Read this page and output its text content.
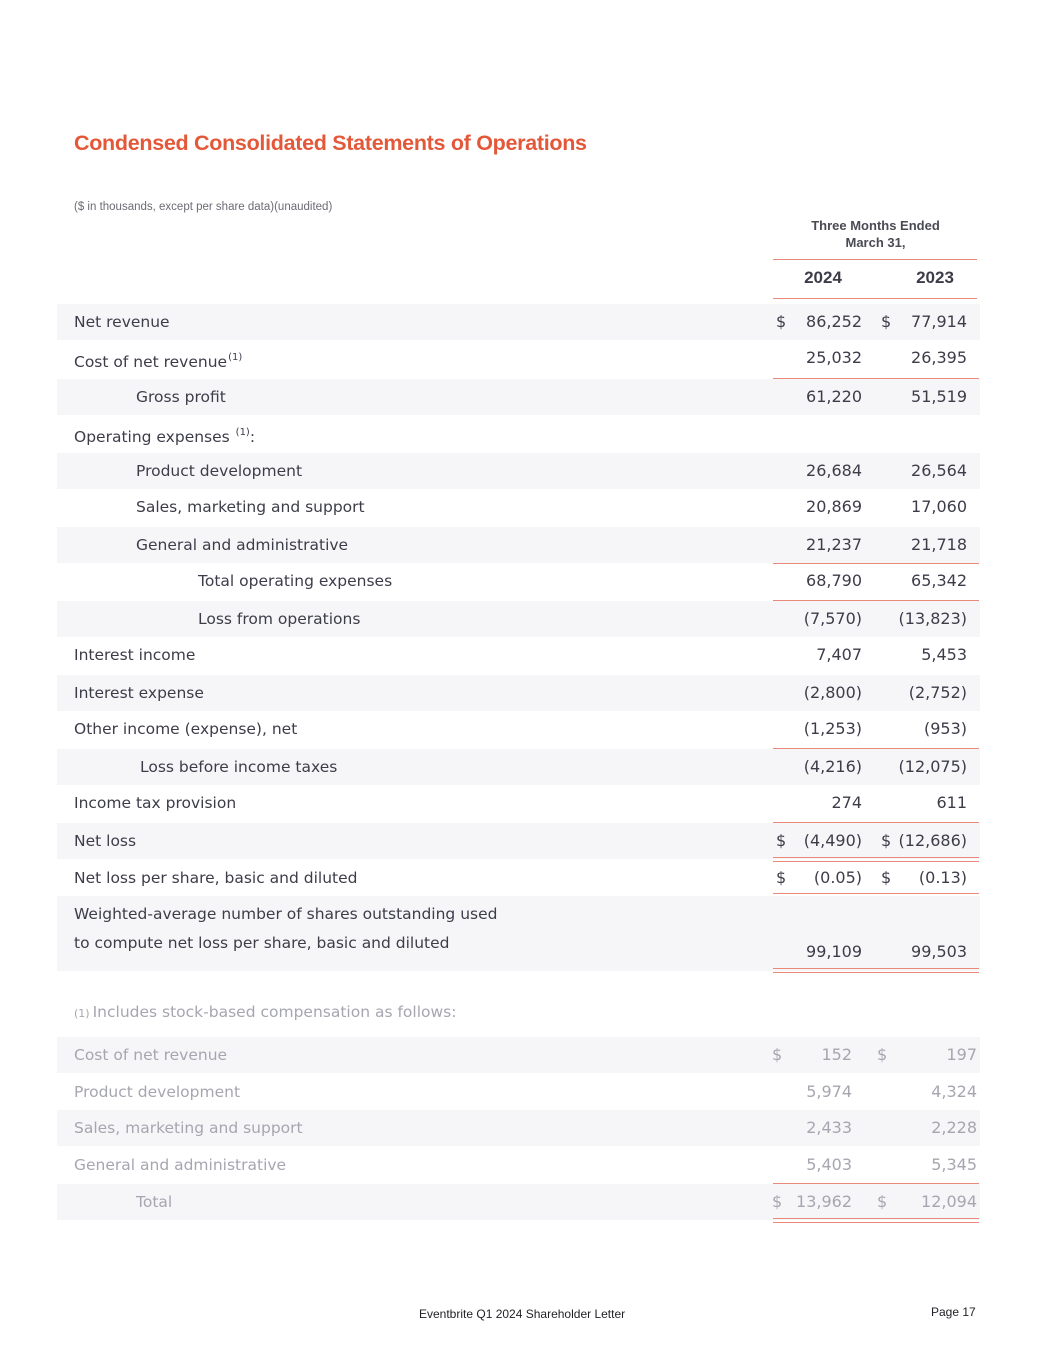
Condensed Consolidated Statements of Operations
($ in thousands, except per share data)(unaudited)
Three Months Ended
March 31,
2024	2023
Net revenue	$	86,252 $	77,914
Cost of net revenue$^{(1)}$	25,032	26,395
Gross profit	61,220	51,519
Operating expenses $^{(1)}$:
Product development	26,684	26,564
Sales, marketing and support	20,869	17,060
General and administrative	21,237	21,718
Total operating expenses	68,790	65,342
Loss from operations	(7,570)	(13,823)
Interest income	7,407	5,453
Interest expense	(2,800)	(2,752)
Other income (expense), net	(1,253)	(953)
Loss before income taxes	(4,216)	(12,075)
Income tax provision	274	611
Net loss	$	(4,490) $ (12,686)
Net loss per share, basic and diluted	$	(0.05) $	(0.13)
Weighted-average number of shares outstanding used
to compute net loss per share, basic and diluted	99,109	99,503
(1) Includes stock-based compensation as follows:
Cost of net revenue	$	152 $	197
Product development	5,974	4,324
Sales, marketing and support	2,433	2,228
General and administrative	5,403	5,345
Total	$ 13,962 $	12,094
Eventbrite Q1 2024 Shareholder Letter	Page 17
